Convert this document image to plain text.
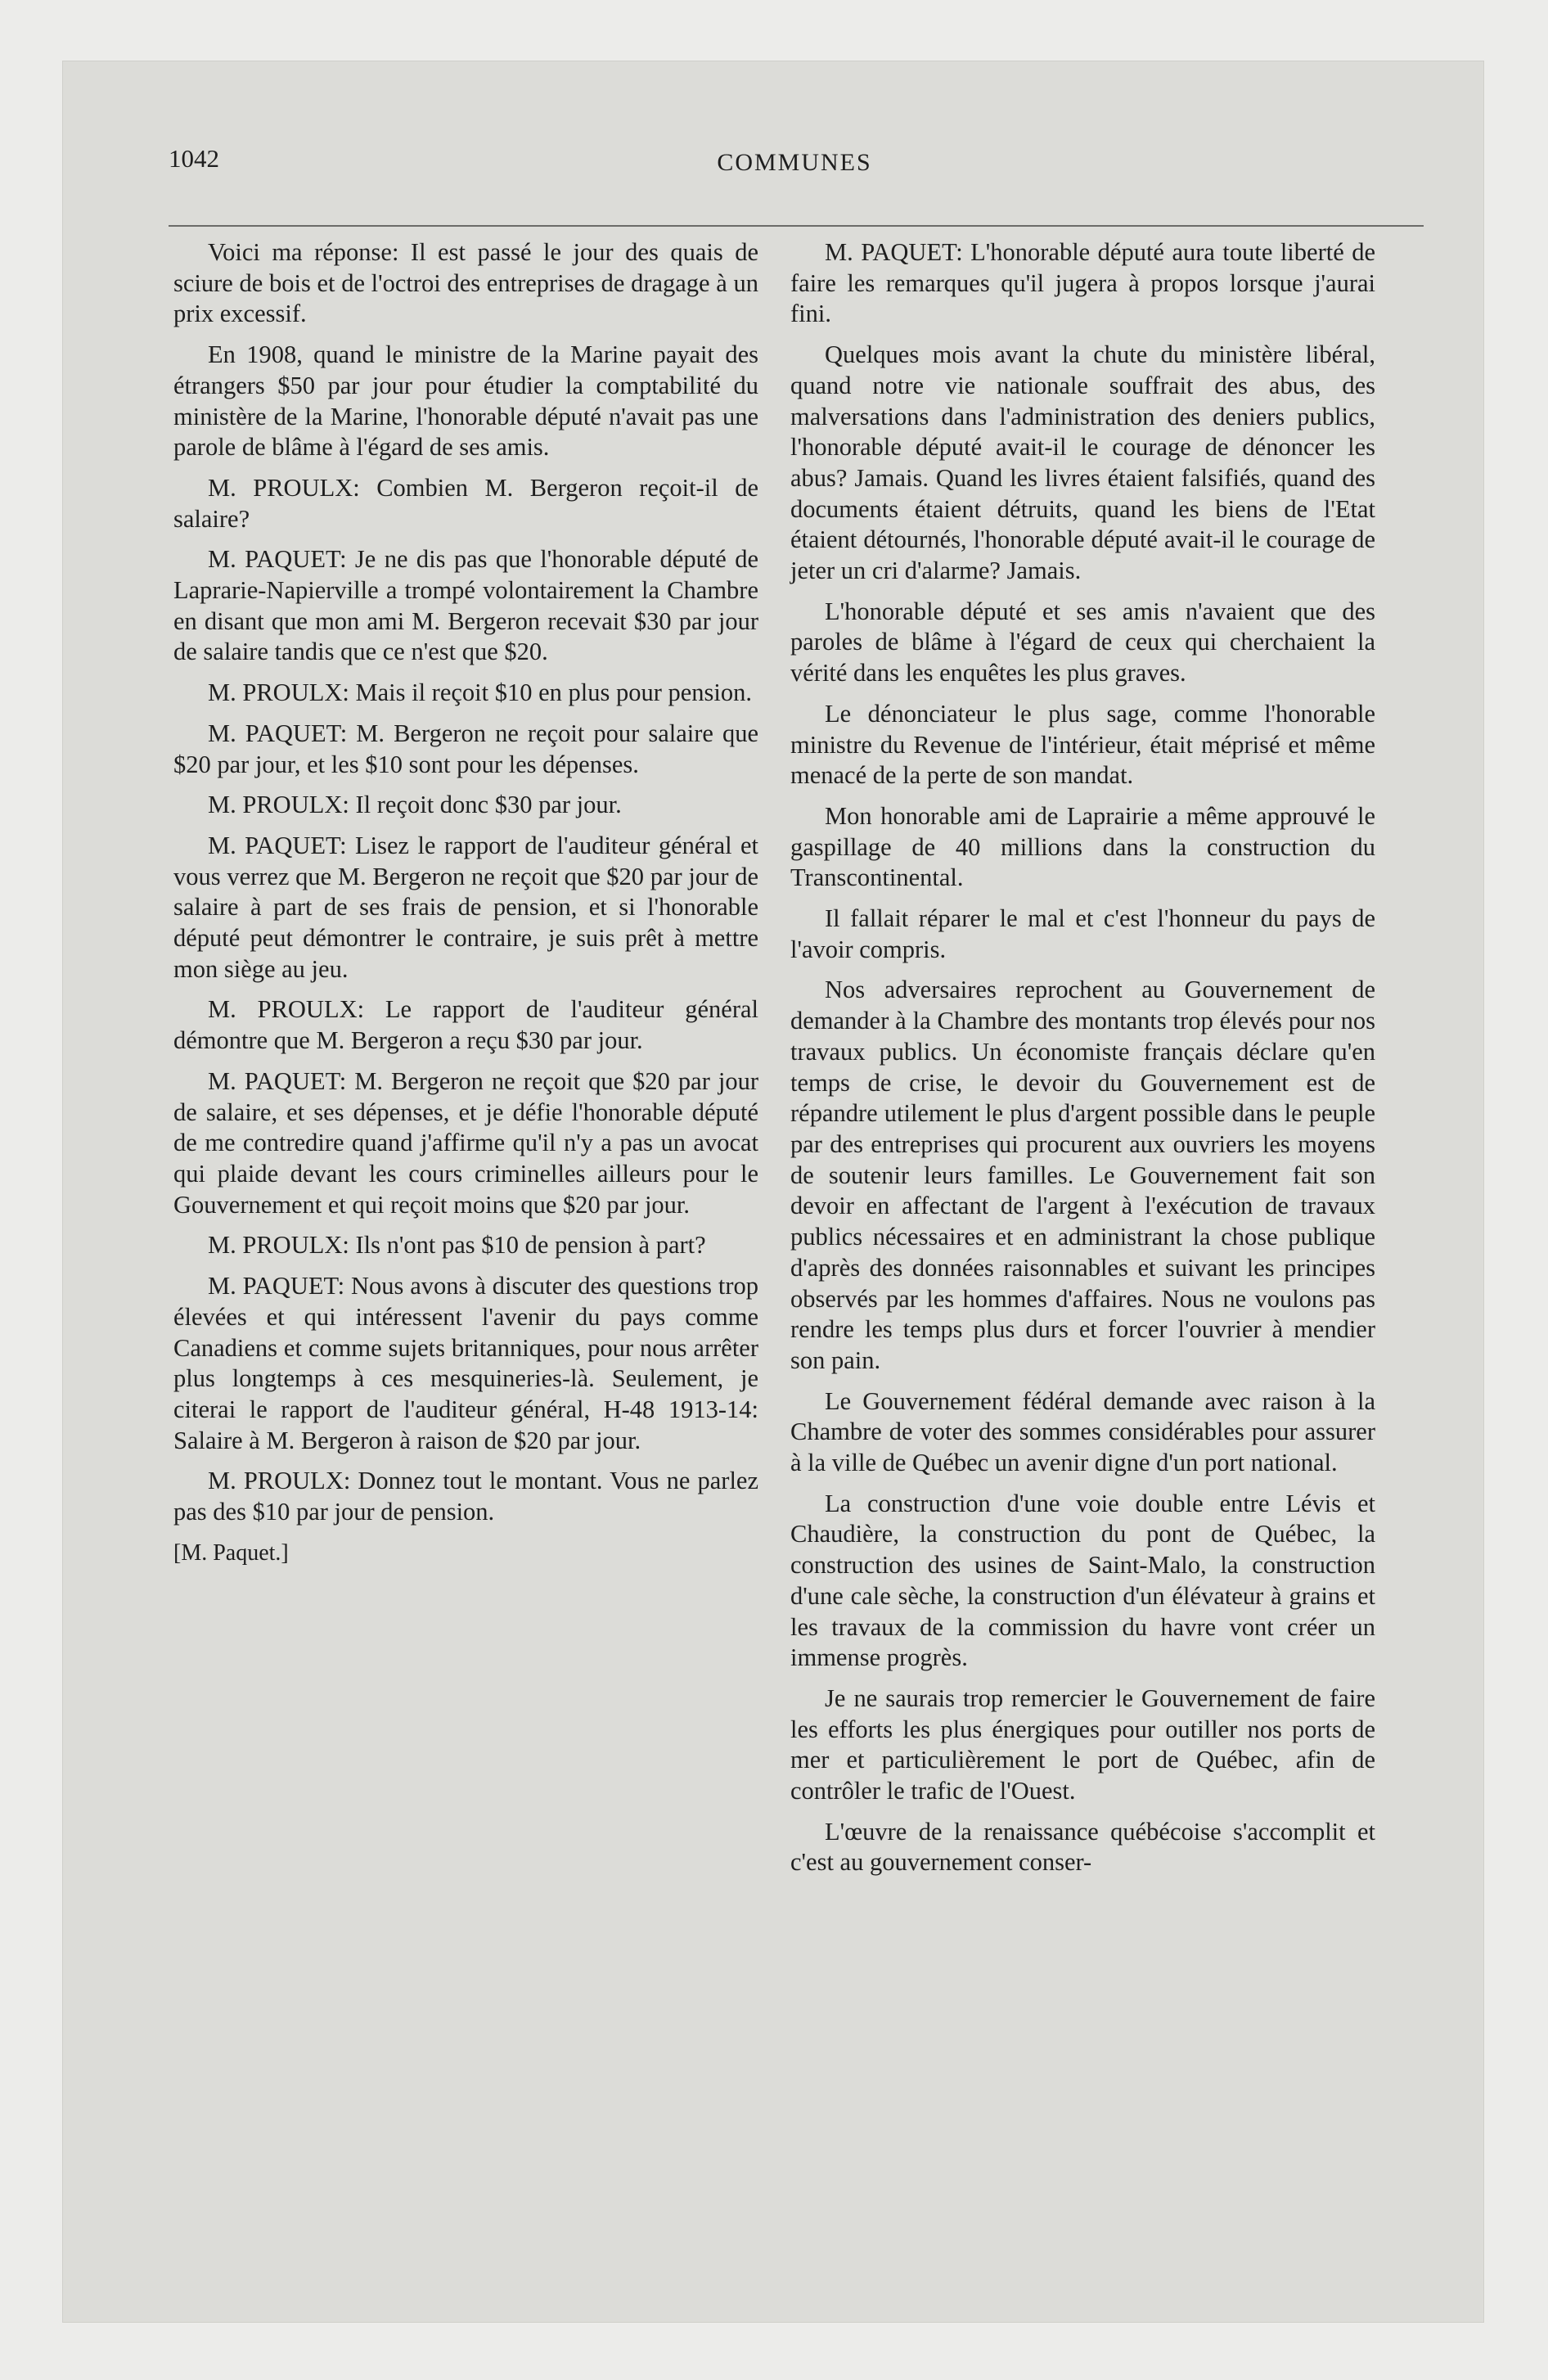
1042	COMMUNES

Voici ma réponse: Il est passé le jour des quais de sciure de bois et de l'octroi des entreprises de dragage à un prix excessif.

En 1908, quand le ministre de la Marine payait des étrangers $50 par jour pour étudier la comptabilité du ministère de la Marine, l'honorable député n'avait pas une parole de blâme à l'égard de ses amis.

M. PROULX: Combien M. Bergeron reçoit-il de salaire?

M. PAQUET: Je ne dis pas que l'honorable député de Laprarie-Napierville a trompé volontairement la Chambre en disant que mon ami M. Bergeron recevait $30 par jour de salaire tandis que ce n'est que $20.

M. PROULX: Mais il reçoit $10 en plus pour pension.

M. PAQUET: M. Bergeron ne reçoit pour salaire que $20 par jour, et les $10 sont pour les dépenses.

M. PROULX: Il reçoit donc $30 par jour.

M. PAQUET: Lisez le rapport de l'auditeur général et vous verrez que M. Bergeron ne reçoit que $20 par jour de salaire à part de ses frais de pension, et si l'honorable député peut démontrer le contraire, je suis prêt à mettre mon siège au jeu.

M. PROULX: Le rapport de l'auditeur général démontre que M. Bergeron a reçu $30 par jour.

M. PAQUET: M. Bergeron ne reçoit que $20 par jour de salaire, et ses dépenses, et je défie l'honorable député de me contredire quand j'affirme qu'il n'y a pas un avocat qui plaide devant les cours criminelles ailleurs pour le Gouvernement et qui reçoit moins que $20 par jour.

M. PROULX: Ils n'ont pas $10 de pension à part?

M. PAQUET: Nous avons à discuter des questions trop élevées et qui intéressent l'avenir du pays comme Canadiens et comme sujets britanniques, pour nous arrêter plus longtemps à ces mesquineries-là. Seulement, je citerai le rapport de l'auditeur général, H-48 1913-14: Salaire à M. Bergeron à raison de $20 par jour.

M. PROULX: Donnez tout le montant. Vous ne parlez pas des $10 par jour de pension.

[M. Paquet.]

M. PAQUET: L'honorable député aura toute liberté de faire les remarques qu'il jugera à propos lorsque j'aurai fini.

Quelques mois avant la chute du ministère libéral, quand notre vie nationale souffrait des abus, des malversations dans l'administration des deniers publics, l'honorable député avait-il le courage de dénoncer les abus? Jamais. Quand les livres étaient falsifiés, quand des documents étaient détruits, quand les biens de l'Etat étaient détournés, l'honorable député avait-il le courage de jeter un cri d'alarme? Jamais.

L'honorable député et ses amis n'avaient que des paroles de blâme à l'égard de ceux qui cherchaient la vérité dans les enquêtes les plus graves.

Le dénonciateur le plus sage, comme l'honorable ministre du Revenue de l'intérieur, était méprisé et même menacé de la perte de son mandat.

Mon honorable ami de Laprairie a même approuvé le gaspillage de 40 millions dans la construction du Transcontinental.

Il fallait réparer le mal et c'est l'honneur du pays de l'avoir compris.

Nos adversaires reprochent au Gouvernement de demander à la Chambre des montants trop élevés pour nos travaux publics. Un économiste français déclare qu'en temps de crise, le devoir du Gouvernement est de répandre utilement le plus d'argent possible dans le peuple par des entreprises qui procurent aux ouvriers les moyens de soutenir leurs familles. Le Gouvernement fait son devoir en affectant de l'argent à l'exécution de travaux publics nécessaires et en administrant la chose publique d'après des données raisonnables et suivant les principes observés par les hommes d'affaires. Nous ne voulons pas rendre les temps plus durs et forcer l'ouvrier à mendier son pain.

Le Gouvernement fédéral demande avec raison à la Chambre de voter des sommes considérables pour assurer à la ville de Québec un avenir digne d'un port national.

La construction d'une voie double entre Lévis et Chaudière, la construction du pont de Québec, la construction des usines de Saint-Malo, la construction d'une cale sèche, la construction d'un élévateur à grains et les travaux de la commission du havre vont créer un immense progrès.

Je ne saurais trop remercier le Gouvernement de faire les efforts les plus énergiques pour outiller nos ports de mer et particulièrement le port de Québec, afin de contrôler le trafic de l'Ouest.

L'œuvre de la renaissance québécoise s'accomplit et c'est au gouvernement conser-
